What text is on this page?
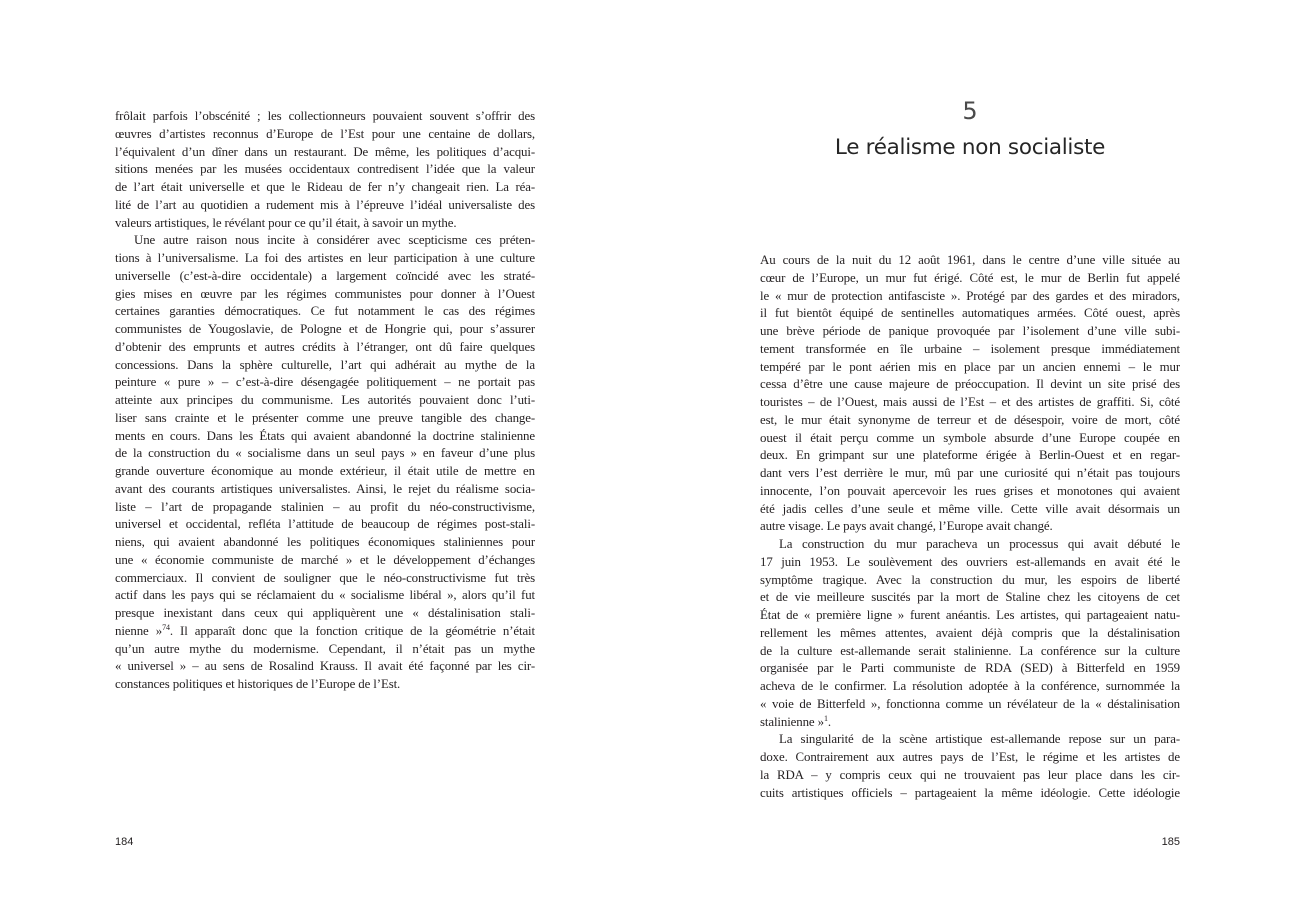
frôlait parfois l’obscénité ; les collectionneurs pouvaient souvent s’offrir des
œuvres d’artistes reconnus d’Europe de l’Est pour une centaine de dollars,
l’équivalent d’un dîner dans un restaurant. De même, les politiques d’acqui-
sitions menées par les musées occidentaux contredisent l’idée que la valeur
de l’art était universelle et que le Rideau de fer n’y changeait rien. La réa-
lité de l’art au quotidien a rudement mis à l’épreuve l’idéal universaliste des
valeurs artistiques, le révélant pour ce qu’il était, à savoir un mythe.
Une autre raison nous incite à considérer avec scepticisme ces préten-
tions à l’universalisme. La foi des artistes en leur participation à une culture
universelle (c’est-à-dire occidentale) a largement coïncidé avec les straté-
gies mises en œuvre par les régimes communistes pour donner à l’Ouest
certaines garanties démocratiques. Ce fut notamment le cas des régimes
communistes de Yougoslavie, de Pologne et de Hongrie qui, pour s’assurer
d’obtenir des emprunts et autres crédits à l’étranger, ont dû faire quelques
concessions. Dans la sphère culturelle, l’art qui adhérait au mythe de la
peinture « pure » – c’est-à-dire désengagée politiquement – ne portait pas
atteinte aux principes du communisme. Les autorités pouvaient donc l’uti-
liser sans crainte et le présenter comme une preuve tangible des change-
ments en cours. Dans les États qui avaient abandonné la doctrine stalinienne
de la construction du « socialisme dans un seul pays » en faveur d’une plus
grande ouverture économique au monde extérieur, il était utile de mettre en
avant des courants artistiques universalistes. Ainsi, le rejet du réalisme socia-
liste – l’art de propagande stalinien – au profit du néo-constructivisme,
universel et occidental, refléta l’attitude de beaucoup de régimes post-stali-
niens, qui avaient abandonné les politiques économiques staliniennes pour
une « économie communiste de marché » et le développement d’échanges
commerciaux. Il convient de souligner que le néo-constructivisme fut très
actif dans les pays qui se réclamaient du « socialisme libéral », alors qu’il fut
presque inexistant dans ceux qui appliquèrent une « déstalinisation stali-
nienne »$^{74}$. Il apparaît donc que la fonction critique de la géométrie n’était
qu’un autre mythe du modernisme. Cependant, il n’était pas un mythe
« universel » – au sens de Rosalind Krauss. Il avait été façonné par les cir-
constances politiques et historiques de l’Europe de l’Est.
184
5
Le réalisme non socialiste
Au cours de la nuit du 12 août 1961, dans le centre d’une ville située au
cœur de l’Europe, un mur fut érigé. Côté est, le mur de Berlin fut appelé
le « mur de protection antifasciste ». Protégé par des gardes et des miradors,
il fut bientôt équipé de sentinelles automatiques armées. Côté ouest, après
une brève période de panique provoquée par l’isolement d’une ville subi-
tement transformée en île urbaine – isolement presque immédiatement
tempéré par le pont aérien mis en place par un ancien ennemi – le mur
cessa d’être une cause majeure de préoccupation. Il devint un site prisé des
touristes – de l’Ouest, mais aussi de l’Est – et des artistes de graffiti. Si, côté
est, le mur était synonyme de terreur et de désespoir, voire de mort, côté
ouest il était perçu comme un symbole absurde d’une Europe coupée en
deux. En grimpant sur une plateforme érigée à Berlin-Ouest et en regar-
dant vers l’est derrière le mur, mû par une curiosité qui n’était pas toujours
innocente, l’on pouvait apercevoir les rues grises et monotones qui avaient
été jadis celles d’une seule et même ville. Cette ville avait désormais un
autre visage. Le pays avait changé, l’Europe avait changé.
La construction du mur paracheva un processus qui avait débuté le
17 juin 1953. Le soulèvement des ouvriers est-allemands en avait été le
symptôme tragique. Avec la construction du mur, les espoirs de liberté
et de vie meilleure suscités par la mort de Staline chez les citoyens de cet
État de « première ligne » furent anéantis. Les artistes, qui partageaient natu-
rellement les mêmes attentes, avaient déjà compris que la déstalinisation
de la culture est-allemande serait stalinienne. La conférence sur la culture
organisée par le Parti communiste de RDA (SED) à Bitterfeld en 1959
acheva de le confirmer. La résolution adoptée à la conférence, surnommée la
« voie de Bitterfeld », fonctionna comme un révélateur de la « déstalinisation
stalinienne »$^1$.
La singularité de la scène artistique est-allemande repose sur un para-
doxe. Contrairement aux autres pays de l’Est, le régime et les artistes de
la RDA – y compris ceux qui ne trouvaient pas leur place dans les cir-
cuits artistiques officiels – partageaient la même idéologie. Cette idéologie
185
